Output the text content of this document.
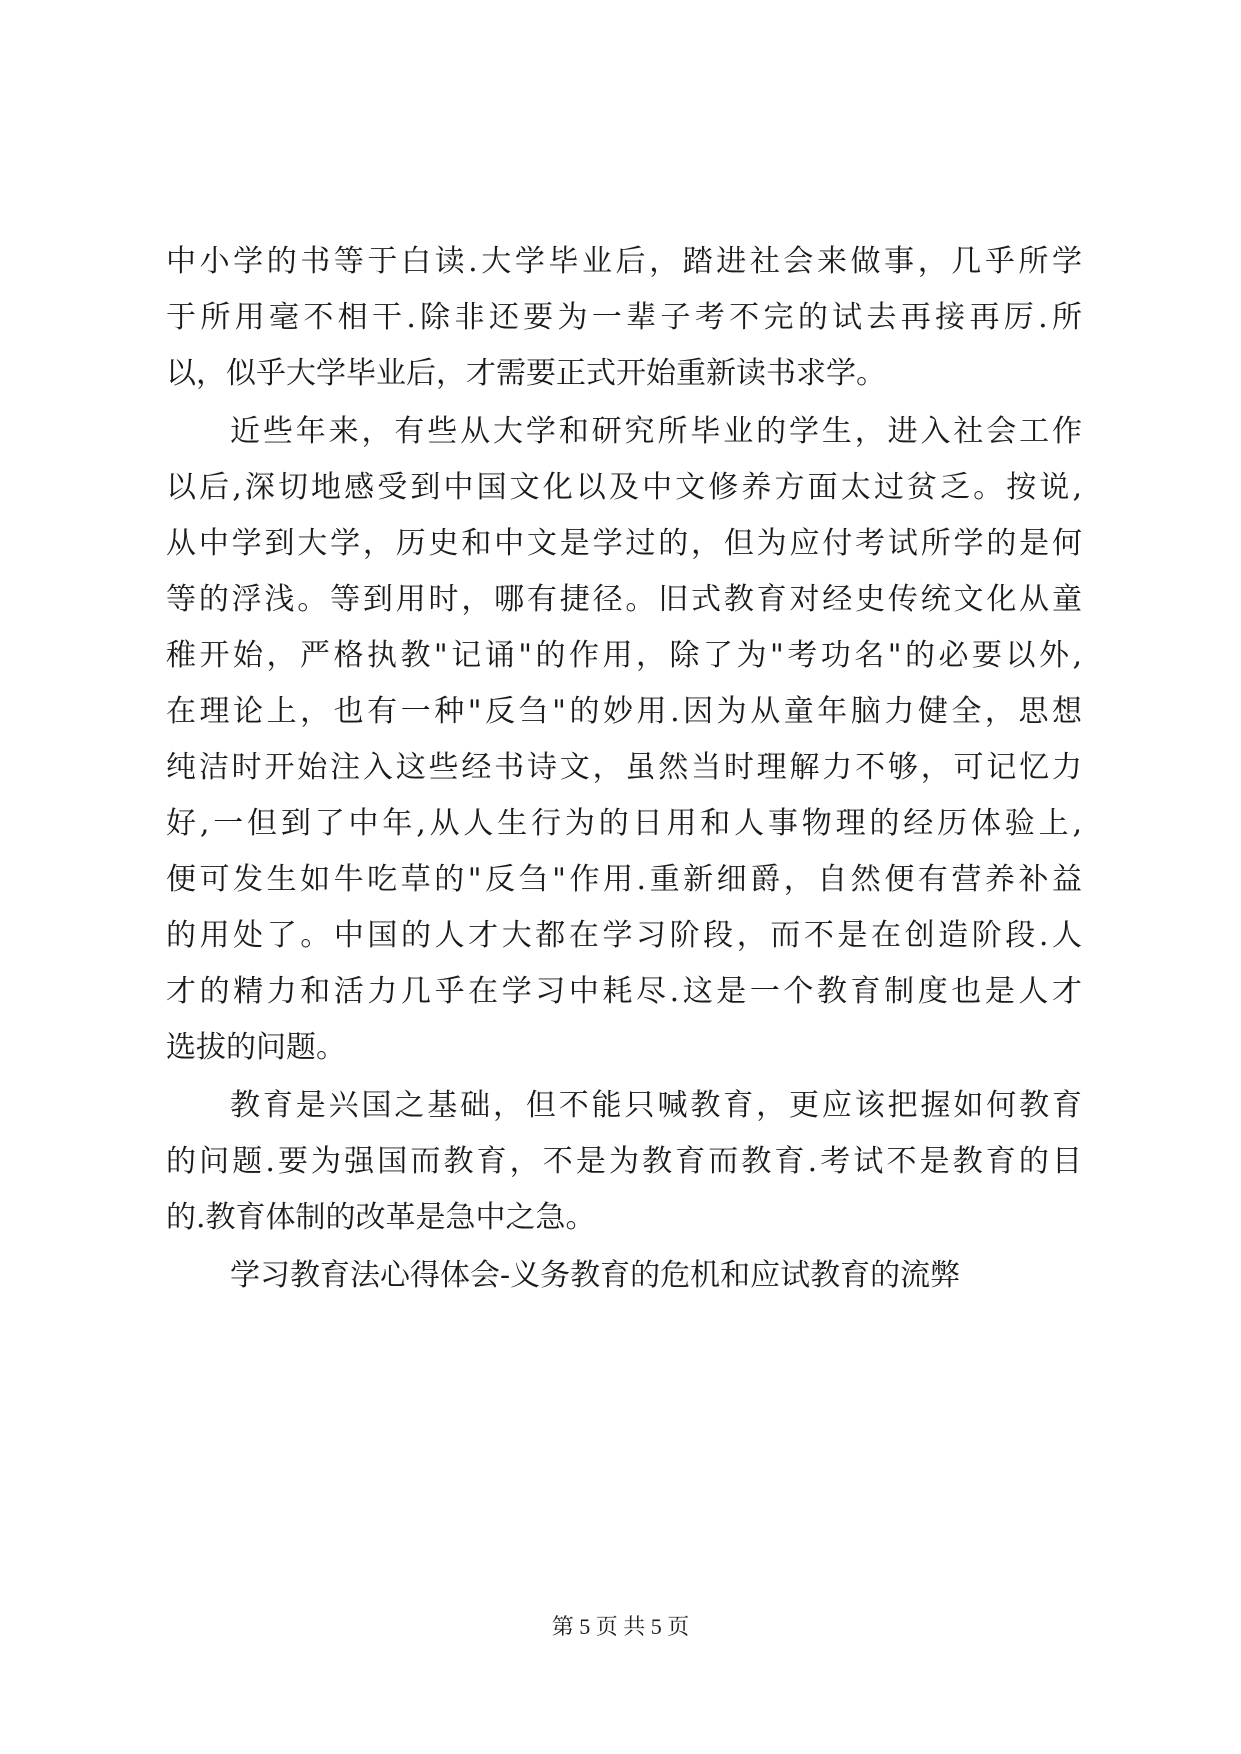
中小学的书等于白读.大学毕业后，踏进社会来做事，几乎所学
于所用毫不相干.除非还要为一辈子考不完的试去再接再厉.所
以，似乎大学毕业后，才需要正式开始重新读书求学。
近些年来，有些从大学和研究所毕业的学生，进入社会工作
以后,深切地感受到中国文化以及中文修养方面太过贫乏。按说,
从中学到大学，历史和中文是学过的，但为应付考试所学的是何
等的浮浅。等到用时，哪有捷径。旧式教育对经史传统文化从童
稚开始，严格执教"记诵"的作用，除了为"考功名"的必要以外,
在理论上，也有一种"反刍"的妙用.因为从童年脑力健全，思想
纯洁时开始注入这些经书诗文，虽然当时理解力不够，可记忆力
好,一但到了中年,从人生行为的日用和人事物理的经历体验上,
便可发生如牛吃草的"反刍"作用.重新细爵，自然便有营养补益
的用处了。中国的人才大都在学习阶段，而不是在创造阶段.人
才的精力和活力几乎在学习中耗尽.这是一个教育制度也是人才
选拔的问题。
教育是兴国之基础，但不能只喊教育，更应该把握如何教育
的问题.要为强国而教育，不是为教育而教育.考试不是教育的目
的.教育体制的改革是急中之急。
学习教育法心得体会-义务教育的危机和应试教育的流弊
第 5 页 共 5 页
